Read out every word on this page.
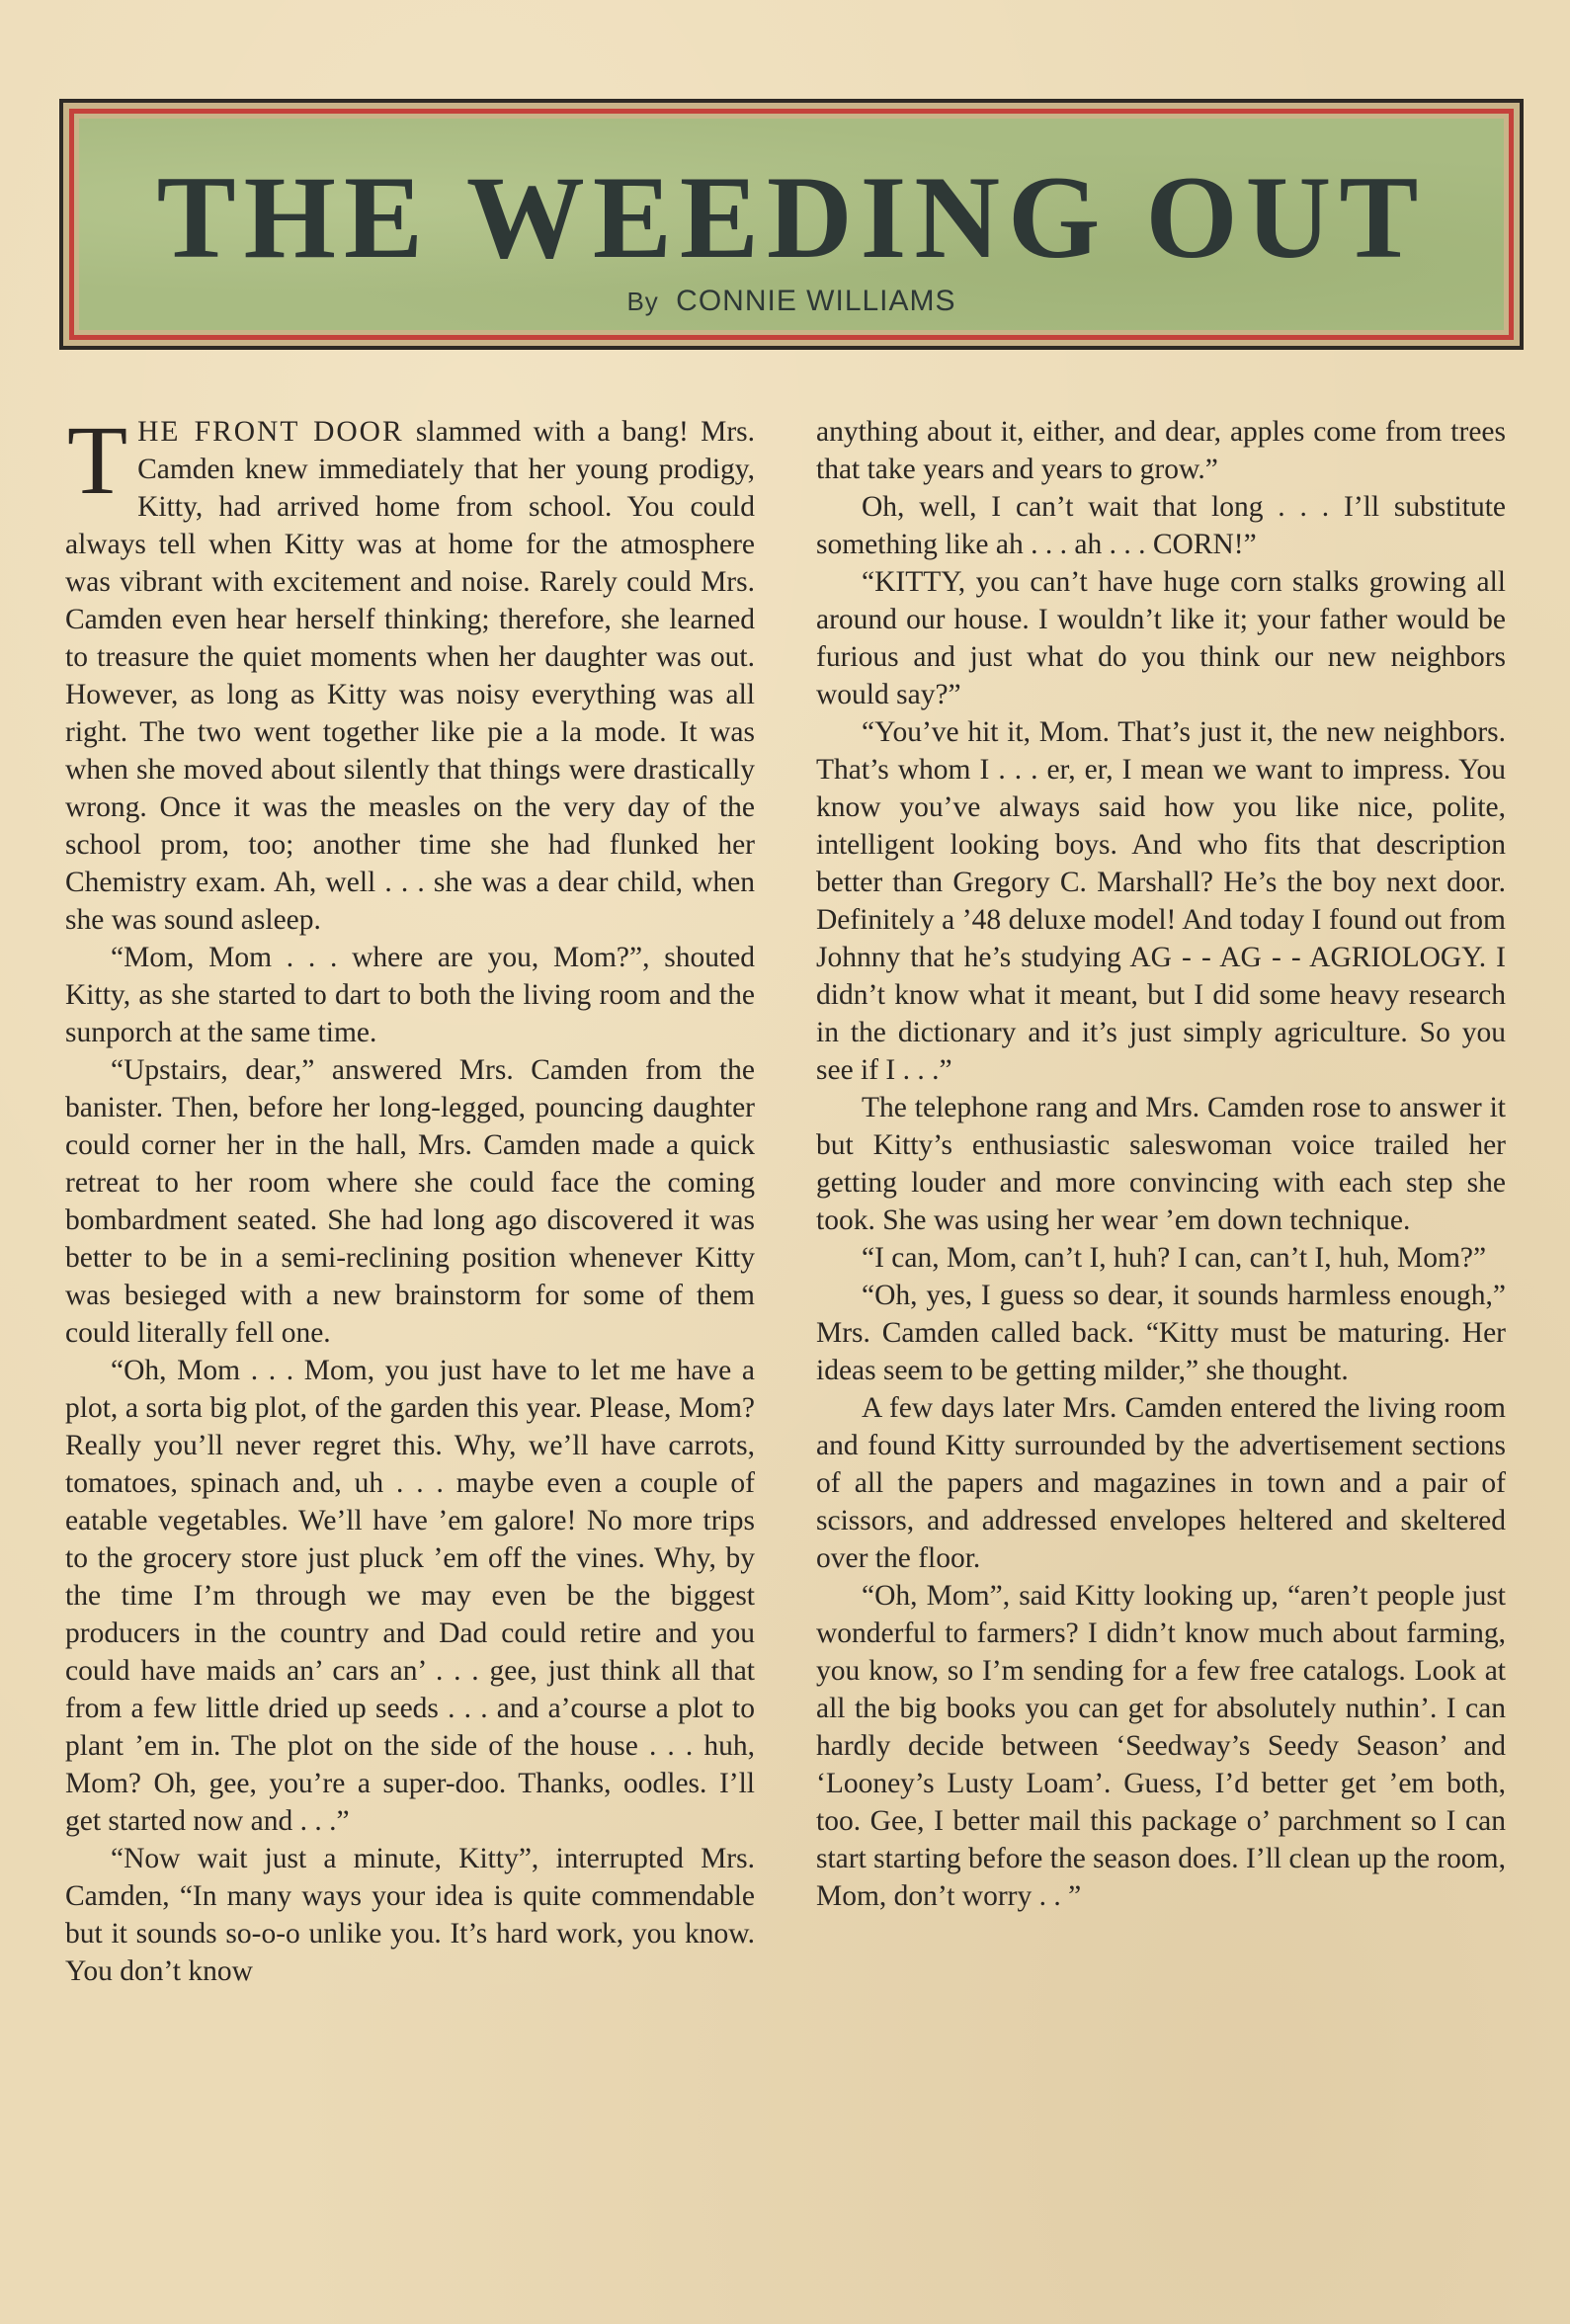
THE WEEDING OUT
By CONNIE WILLIAMS

THE FRONT DOOR slammed with a bang! Mrs. Camden knew immediately that her young prodigy, Kitty, had arrived home from school. You could always tell when Kitty was at home for the atmosphere was vibrant with excitement and noise. Rarely could Mrs. Camden even hear herself thinking; therefore, she learned to treasure the quiet moments when her daughter was out. However, as long as Kitty was noisy everything was all right. The two went together like pie a la mode. It was when she moved about silently that things were drastically wrong. Once it was the measles on the very day of the school prom, too; another time she had flunked her Chemistry exam. Ah, well . . . she was a dear child, when she was sound asleep.

“Mom, Mom . . . where are you, Mom?”, shouted Kitty, as she started to dart to both the living room and the sunporch at the same time.

“Upstairs, dear,” answered Mrs. Camden from the banister. Then, before her long-legged, pouncing daughter could corner her in the hall, Mrs. Camden made a quick retreat to her room where she could face the coming bombardment seated. She had long ago discovered it was better to be in a semi-reclining position whenever Kitty was besieged with a new brainstorm for some of them could literally fell one.

“Oh, Mom . . . Mom, you just have to let me have a plot, a sorta big plot, of the garden this year. Please, Mom? Really you’ll never regret this. Why, we’ll have carrots, tomatoes, spinach and, uh . . . maybe even a couple of eatable vegetables. We’ll have ’em galore! No more trips to the grocery store just pluck ’em off the vines. Why, by the time I’m through we may even be the biggest producers in the country and Dad could retire and you could have maids an’ cars an’ . . . gee, just think all that from a few little dried up seeds . . . and a’course a plot to plant ’em in. The plot on the side of the house . . . huh, Mom? Oh, gee, you’re a super-doo. Thanks, oodles. I’ll get started now and . . .”

“Now wait just a minute, Kitty”, interrupted Mrs. Camden, “In many ways your idea is quite commendable but it sounds so-o-o unlike you. It’s hard work, you know. You don’t know

anything about it, either, and dear, apples come from trees that take years and years to grow.”

Oh, well, I can’t wait that long . . . I’ll substitute something like ah . . . ah . . . CORN!”

“KITTY, you can’t have huge corn stalks growing all around our house. I wouldn’t like it; your father would be furious and just what do you think our new neighbors would say?”

“You’ve hit it, Mom. That’s just it, the new neighbors. That’s whom I . . . er, er, I mean we want to impress. You know you’ve always said how you like nice, polite, intelligent looking boys. And who fits that description better than Gregory C. Marshall? He’s the boy next door. Definitely a ’48 deluxe model! And today I found out from Johnny that he’s studying AG - - AG - - AGRIOLOGY. I didn’t know what it meant, but I did some heavy research in the dictionary and it’s just simply agriculture. So you see if I . . .”

The telephone rang and Mrs. Camden rose to answer it but Kitty’s enthusiastic saleswoman voice trailed her getting louder and more convincing with each step she took. She was using her wear ’em down technique.

“I can, Mom, can’t I, huh? I can, can’t I, huh, Mom?”

“Oh, yes, I guess so dear, it sounds harmless enough,” Mrs. Camden called back. “Kitty must be maturing. Her ideas seem to be getting milder,” she thought.

A few days later Mrs. Camden entered the living room and found Kitty surrounded by the advertisement sections of all the papers and magazines in town and a pair of scissors, and addressed envelopes heltered and skeltered over the floor.

“Oh, Mom”, said Kitty looking up, “aren’t people just wonderful to farmers? I didn’t know much about farming, you know, so I’m sending for a few free catalogs. Look at all the big books you can get for absolutely nuthin’. I can hardly decide between ‘Seedway’s Seedy Season’ and ‘Looney’s Lusty Loam’. Guess, I’d better get ’em both, too. Gee, I better mail this package o’ parchment so I can start starting before the season does. I’ll clean up the room, Mom, don’t worry . . ”
